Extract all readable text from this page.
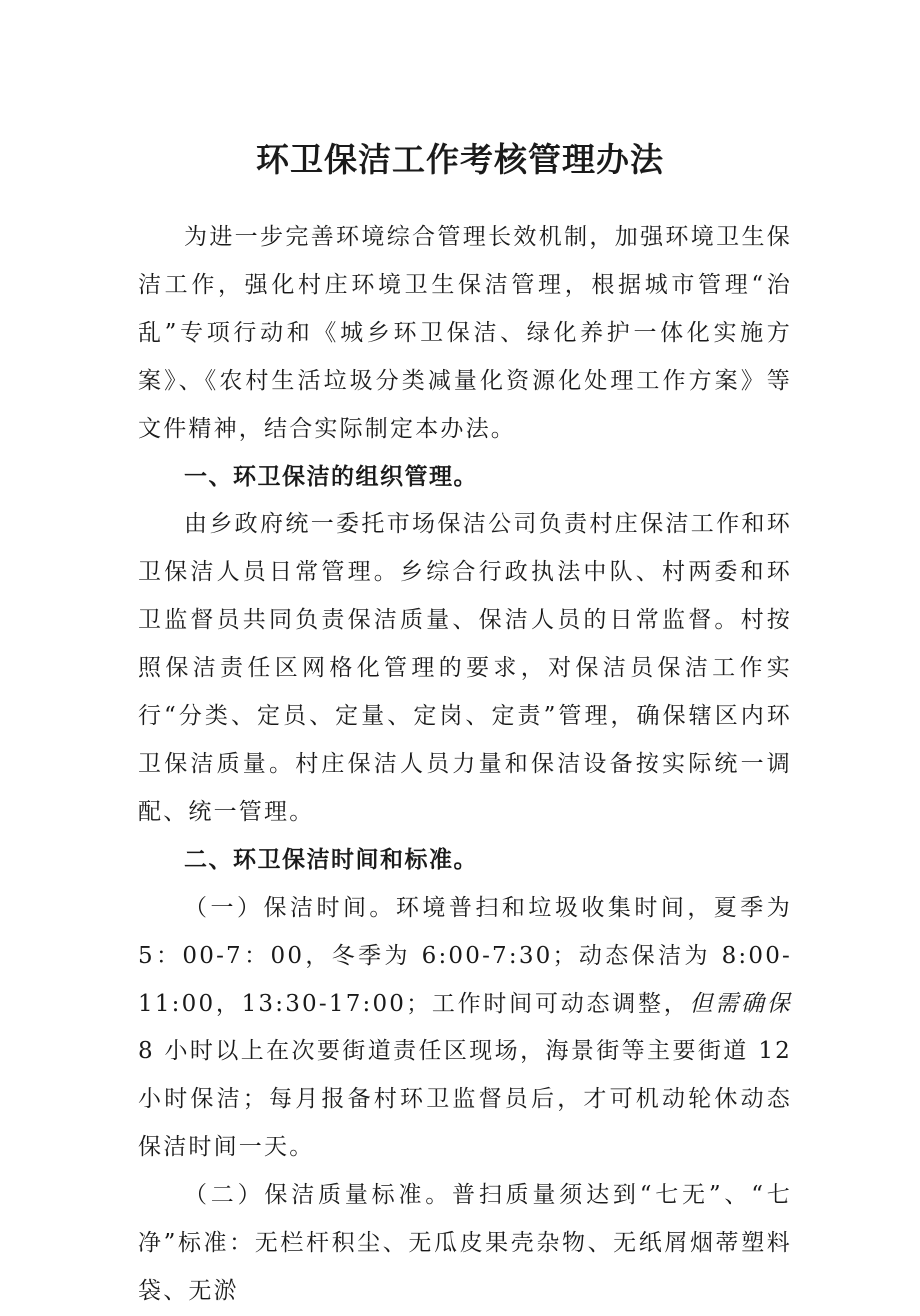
环卫保洁工作考核管理办法

为进一步完善环境综合管理长效机制，加强环境卫生保洁工作，强化村庄环境卫生保洁管理，根据城市管理“治乱”专项行动和《城乡环卫保洁、绿化养护一体化实施方案》、《农村生活垃圾分类减量化资源化处理工作方案》等文件精神，结合实际制定本办法。

一、环卫保洁的组织管理。

由乡政府统一委托市场保洁公司负责村庄保洁工作和环卫保洁人员日常管理。乡综合行政执法中队、村两委和环卫监督员共同负责保洁质量、保洁人员的日常监督。村按照保洁责任区网格化管理的要求，对保洁员保洁工作实行“分类、定员、定量、定岗、定责”管理，确保辖区内环卫保洁质量。村庄保洁人员力量和保洁设备按实际统一调配、统一管理。

二、环卫保洁时间和标准。

（一）保洁时间。环境普扫和垃圾收集时间，夏季为 5：00-7：00，冬季为 6:00-7:30；动态保洁为 8:00-11:00，13:30-17:00；工作时间可动态调整，但需确保8 小时以上在次要街道责任区现场，海景街等主要街道 12 小时保洁；每月报备村环卫监督员后，才可机动轮休动态保洁时间一天。

（二）保洁质量标准。普扫质量须达到“七无”、“七净”标准：无栏杆积尘、无瓜皮果壳杂物、无纸屑烟蒂塑料袋、无淤
